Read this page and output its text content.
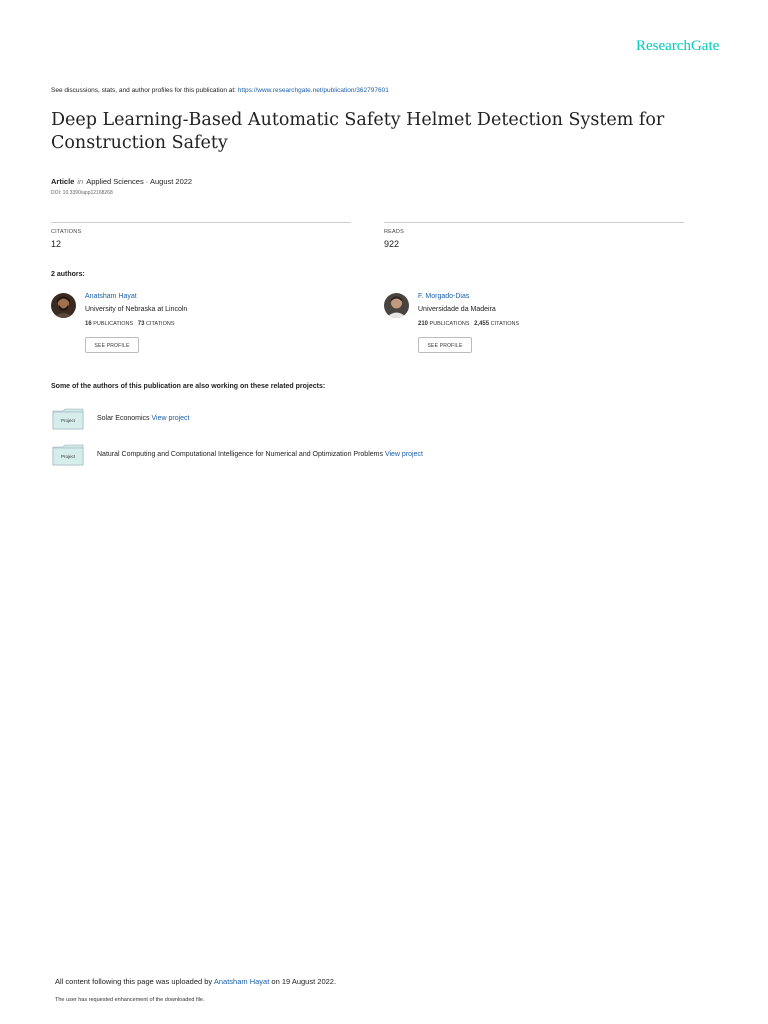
ResearchGate
See discussions, stats, and author profiles for this publication at: https://www.researchgate.net/publication/362797601
Deep Learning-Based Automatic Safety Helmet Detection System for Construction Safety
Article in Applied Sciences · August 2022
DOI: 10.3390/app12168268
CITATIONS
12
READS
922
2 authors:
Anatsham Hayat
University of Nebraska at Lincoln
16 PUBLICATIONS 73 CITATIONS
SEE PROFILE
F. Morgado-Dias
Universidade da Madeira
210 PUBLICATIONS 2,455 CITATIONS
SEE PROFILE
Some of the authors of this publication are also working on these related projects:
Project	Solar Economics View project
Project	Natural Computing and Computational Intelligence for Numerical and Optimization Problems View project
All content following this page was uploaded by Anatsham Hayat on 19 August 2022.
The user has requested enhancement of the downloaded file.
